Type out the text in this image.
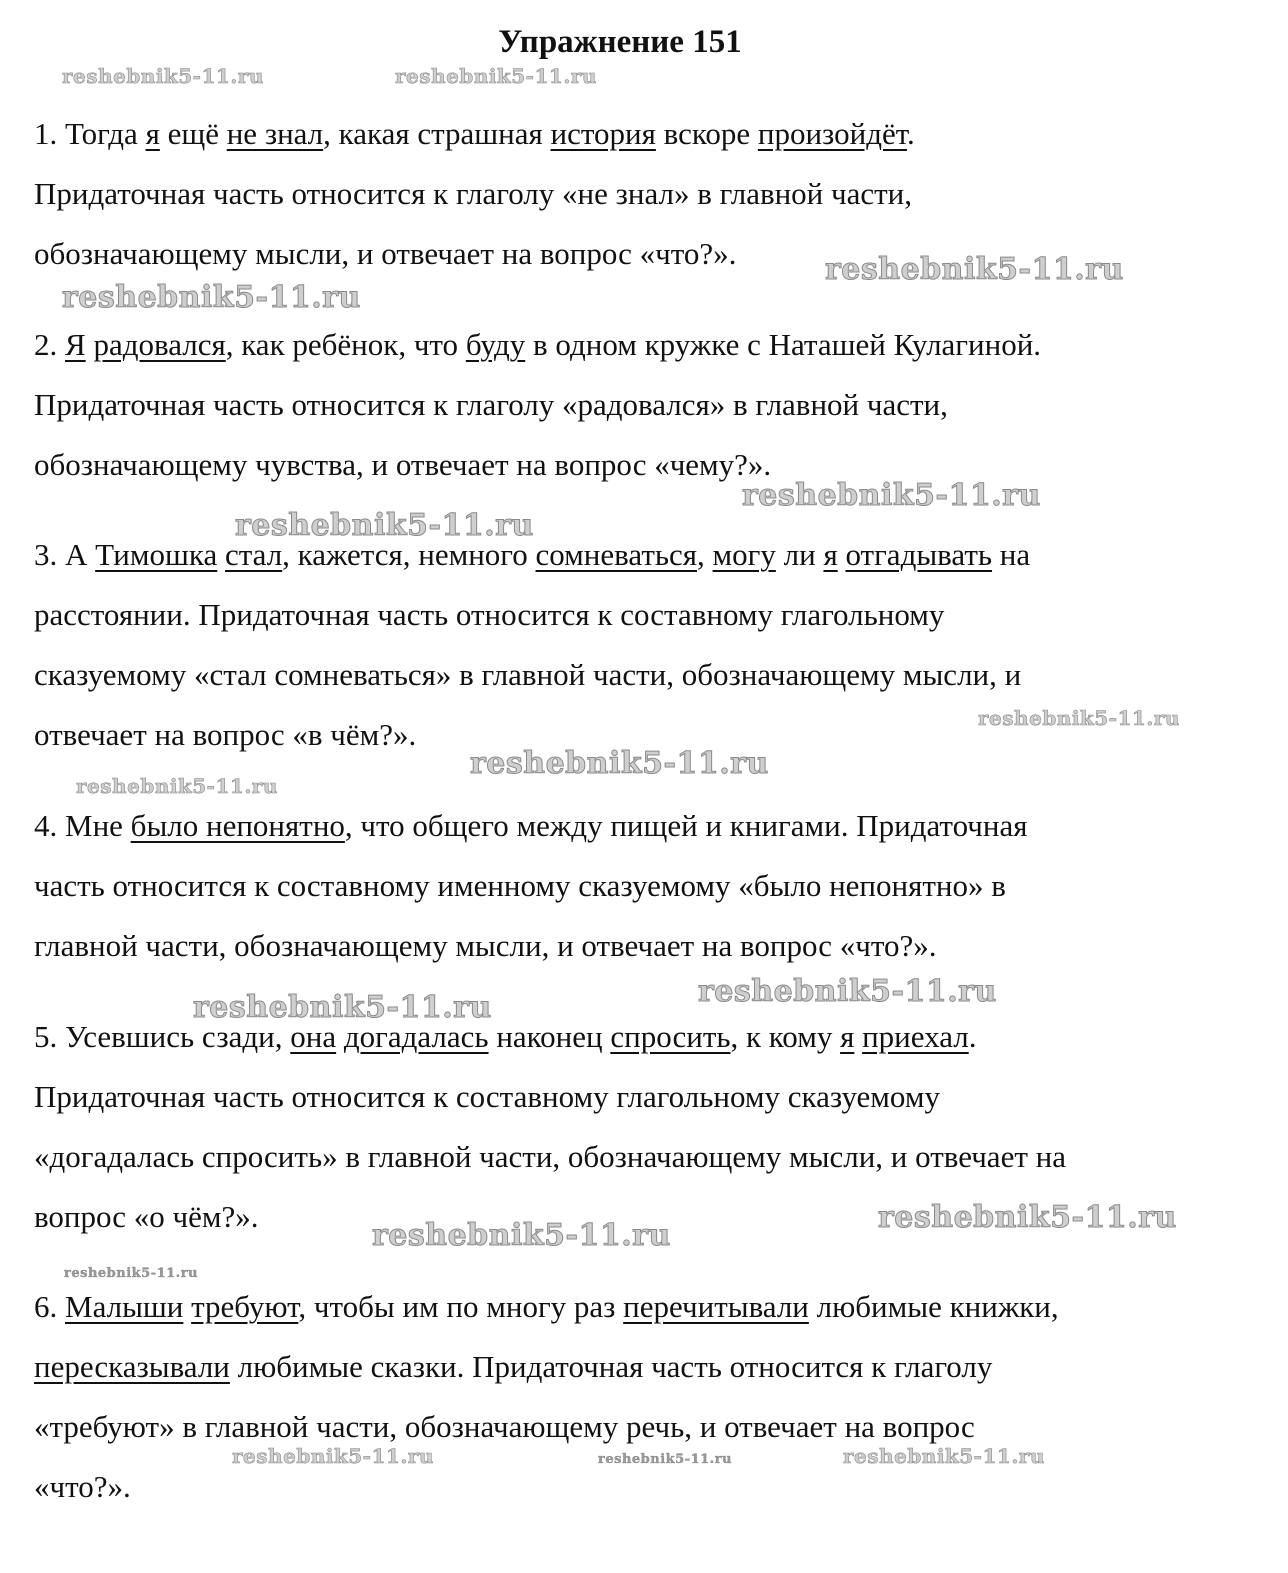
Упражнение 151
reshebnik5-11.ru	reshebnik5-11.ru
reshebnik5-11.ru
reshebnik5-11.ru
reshebnik5-11.ru
reshebnik5-11.ru
reshebnik5-11.ru
reshebnik5-11.ru
reshebnik5-11.ru
reshebnik5-11.ru
reshebnik5-11.ru
reshebnik5-11.ru
reshebnik5-11.ru
reshebnik5-11.ru
reshebnik5-11.ru	reshebnik5-11.ru	reshebnik5-11.ru
1. Тогда я ещё не знал, какая страшная история вскоре произойдёт.
Придаточная часть относится к глаголу «не знал» в главной части,
обозначающему мысли, и отвечает на вопрос «что?».
2. Я радовался, как ребёнок, что буду в одном кружке с Наташей Кулагиной.
Придаточная часть относится к глаголу «радовался» в главной части,
обозначающему чувства, и отвечает на вопрос «чему?».
3. А Тимошка стал, кажется, немного сомневаться, могу ли я отгадывать на
расстоянии. Придаточная часть относится к составному глагольному
сказуемому «стал сомневаться» в главной части, обозначающему мысли, и
отвечает на вопрос «в чём?».
4. Мне было непонятно, что общего между пищей и книгами. Придаточная
часть относится к составному именному сказуемому «было непонятно» в
главной части, обозначающему мысли, и отвечает на вопрос «что?».
5. Усевшись сзади, она догадалась наконец спросить, к кому я приехал.
Придаточная часть относится к составному глагольному сказуемому
«догадалась спросить» в главной части, обозначающему мысли, и отвечает на
вопрос «о чём?».
6. Малыши требуют, чтобы им по многу раз перечитывали любимые книжки,
пересказывали любимые сказки. Придаточная часть относится к глаголу
«требуют» в главной части, обозначающему речь, и отвечает на вопрос
«что?».
